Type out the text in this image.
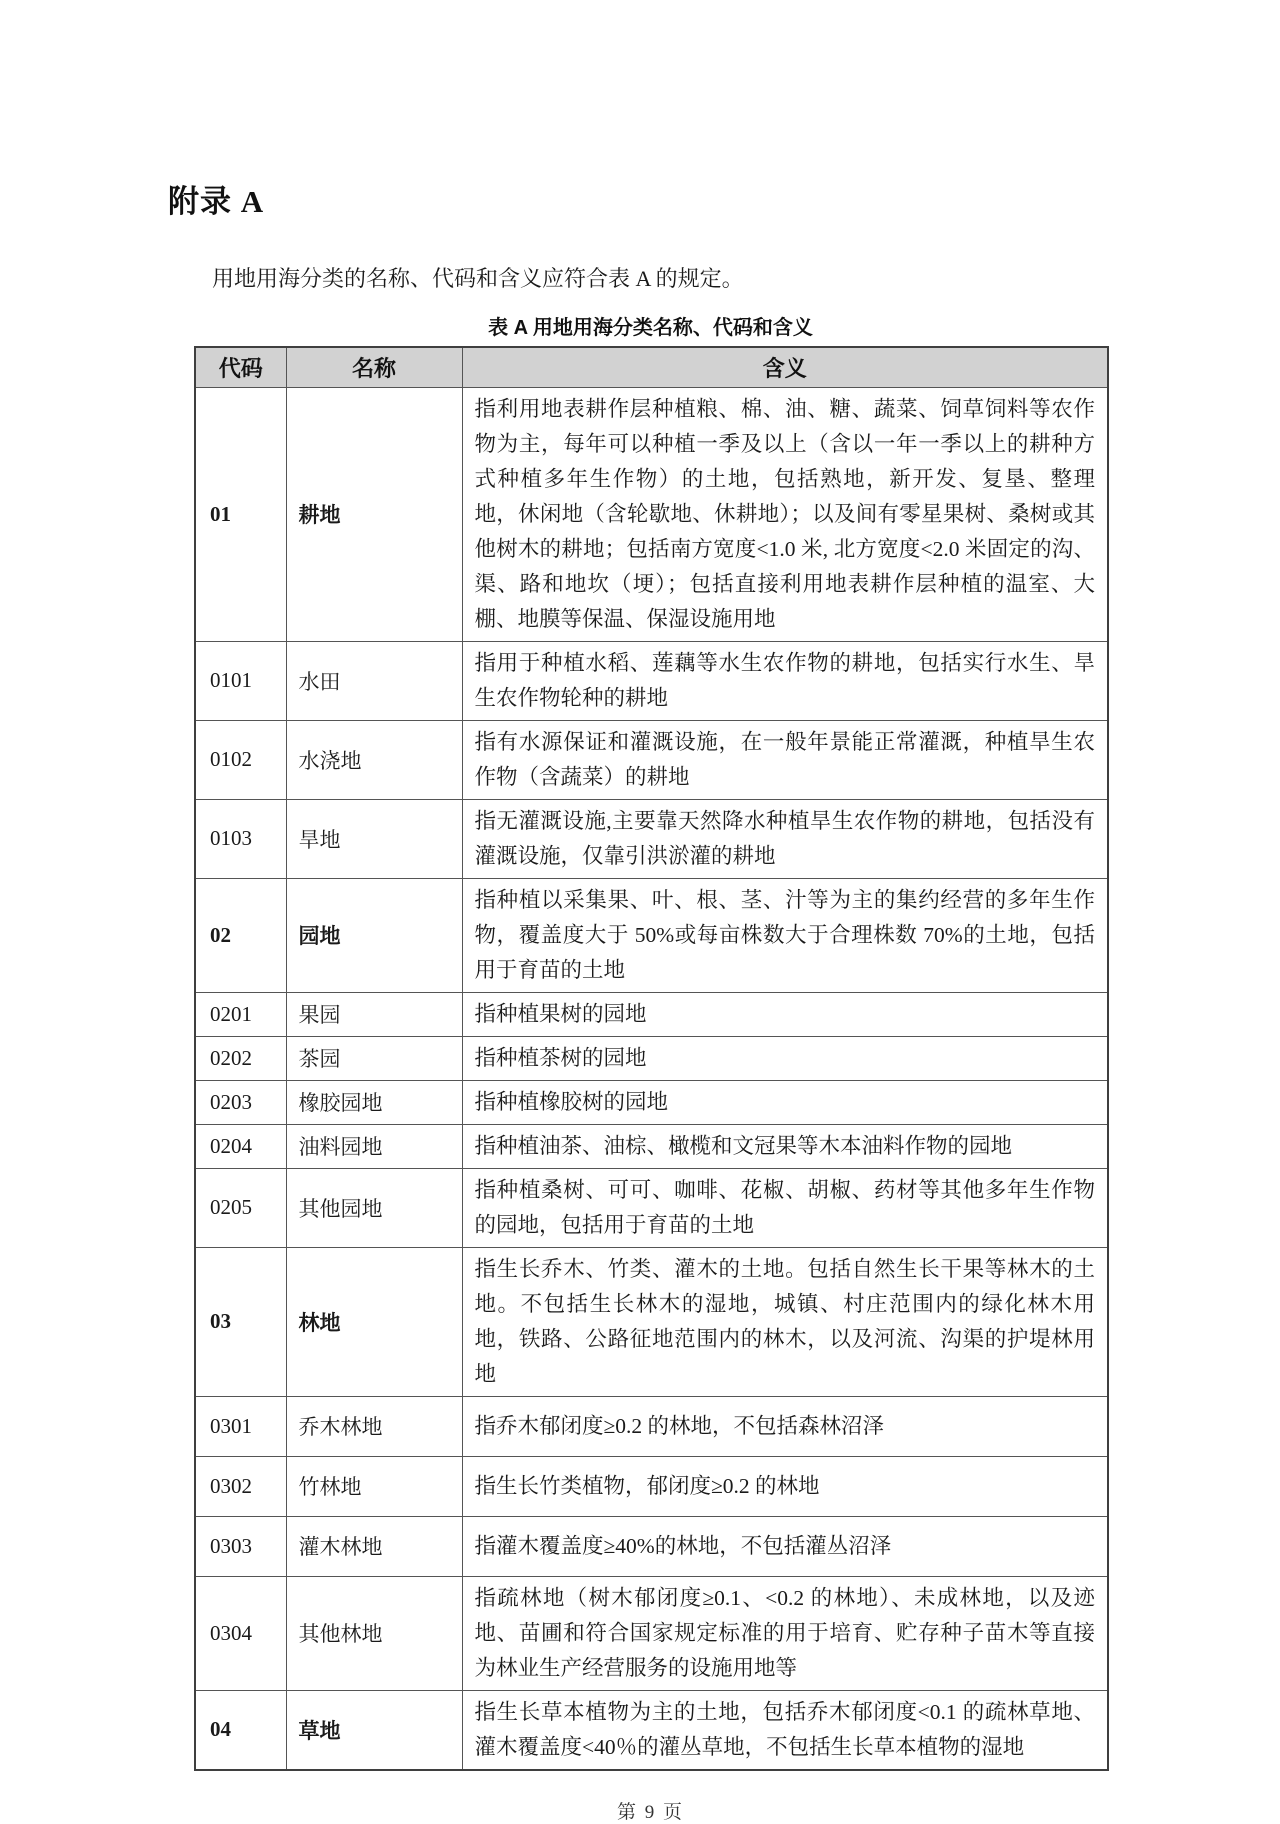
附录 A

用地用海分类的名称、代码和含义应符合表 A 的规定。

表 A 用地用海分类名称、代码和含义
代码	名称	含义
01	耕地	指利用地表耕作层种植粮、棉、油、糖、蔬菜、饲草饲料等农作物为主，每年可以种植一季及以上（含以一年一季以上的耕种方式种植多年生作物）的土地，包括熟地，新开发、复垦、整理地，休闲地（含轮歇地、休耕地）；以及间有零星果树、桑树或其他树木的耕地；包括南方宽度<1.0 米, 北方宽度<2.0 米固定的沟、渠、路和地坎（埂）；包括直接利用地表耕作层种植的温室、大棚、地膜等保温、保湿设施用地
0101	水田	指用于种植水稻、莲藕等水生农作物的耕地，包括实行水生、旱生农作物轮种的耕地
0102	水浇地	指有水源保证和灌溉设施，在一般年景能正常灌溉，种植旱生农作物（含蔬菜）的耕地
0103	旱地	指无灌溉设施,主要靠天然降水种植旱生农作物的耕地，包括没有灌溉设施，仅靠引洪淤灌的耕地
02	园地	指种植以采集果、叶、根、茎、汁等为主的集约经营的多年生作物，覆盖度大于 50%或每亩株数大于合理株数 70%的土地，包括用于育苗的土地
0201	果园	指种植果树的园地
0202	茶园	指种植茶树的园地
0203	橡胶园地	指种植橡胶树的园地
0204	油料园地	指种植油茶、油棕、橄榄和文冠果等木本油料作物的园地
0205	其他园地	指种植桑树、可可、咖啡、花椒、胡椒、药材等其他多年生作物的园地，包括用于育苗的土地
03	林地	指生长乔木、竹类、灌木的土地。包括自然生长干果等林木的土地。不包括生长林木的湿地，城镇、村庄范围内的绿化林木用地，铁路、公路征地范围内的林木，以及河流、沟渠的护堤林用地
0301	乔木林地	指乔木郁闭度≥0.2 的林地，不包括森林沼泽
0302	竹林地	指生长竹类植物，郁闭度≥0.2 的林地
0303	灌木林地	指灌木覆盖度≥40%的林地，不包括灌丛沼泽
0304	其他林地	指疏林地（树木郁闭度≥0.1、<0.2 的林地）、未成林地，以及迹地、苗圃和符合国家规定标准的用于培育、贮存种子苗木等直接为林业生产经营服务的设施用地等
04	草地	指生长草本植物为主的土地，包括乔木郁闭度<0.1 的疏林草地、灌木覆盖度<40％的灌丛草地，不包括生长草本植物的湿地
第 9 页
